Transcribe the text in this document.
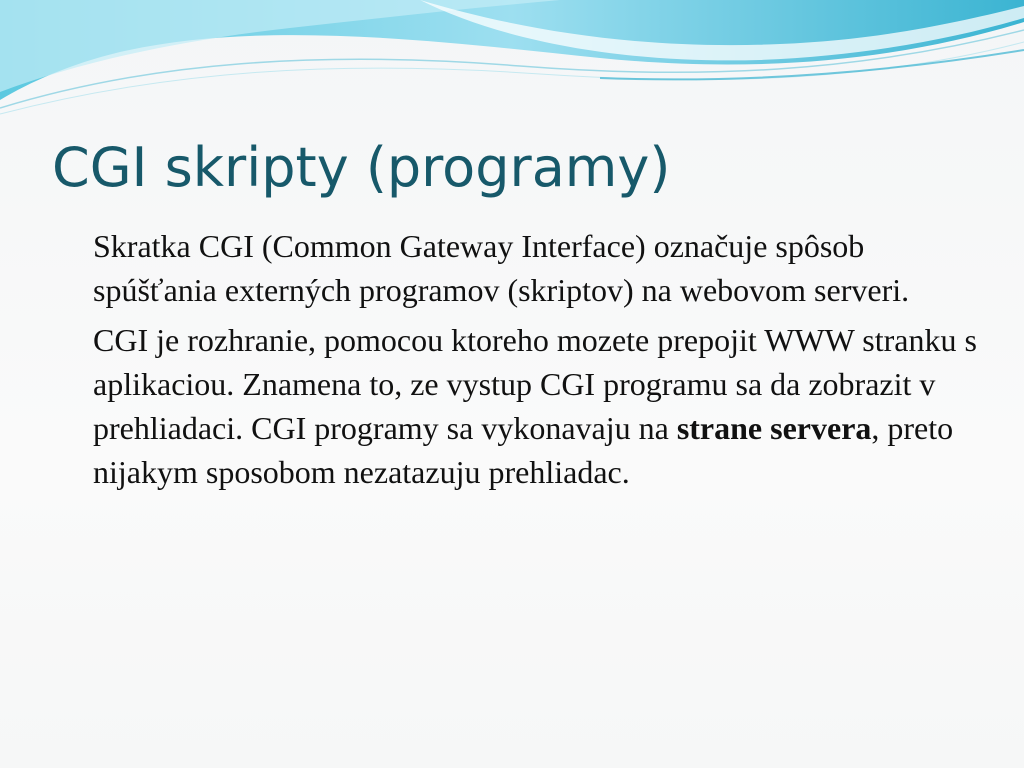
CGI skripty (programy)

Skratka CGI (Common Gateway Interface) označuje spôsob spúšťania externých programov (skriptov) na webovom serveri.

CGI je rozhranie, pomocou ktoreho mozete prepojit WWW stranku s aplikaciou. Znamena to, ze vystup CGI programu sa da zobrazit v prehliadaci. CGI programy sa vykonavaju na strane servera, preto nijakym sposobom nezatazuju prehliadac.
